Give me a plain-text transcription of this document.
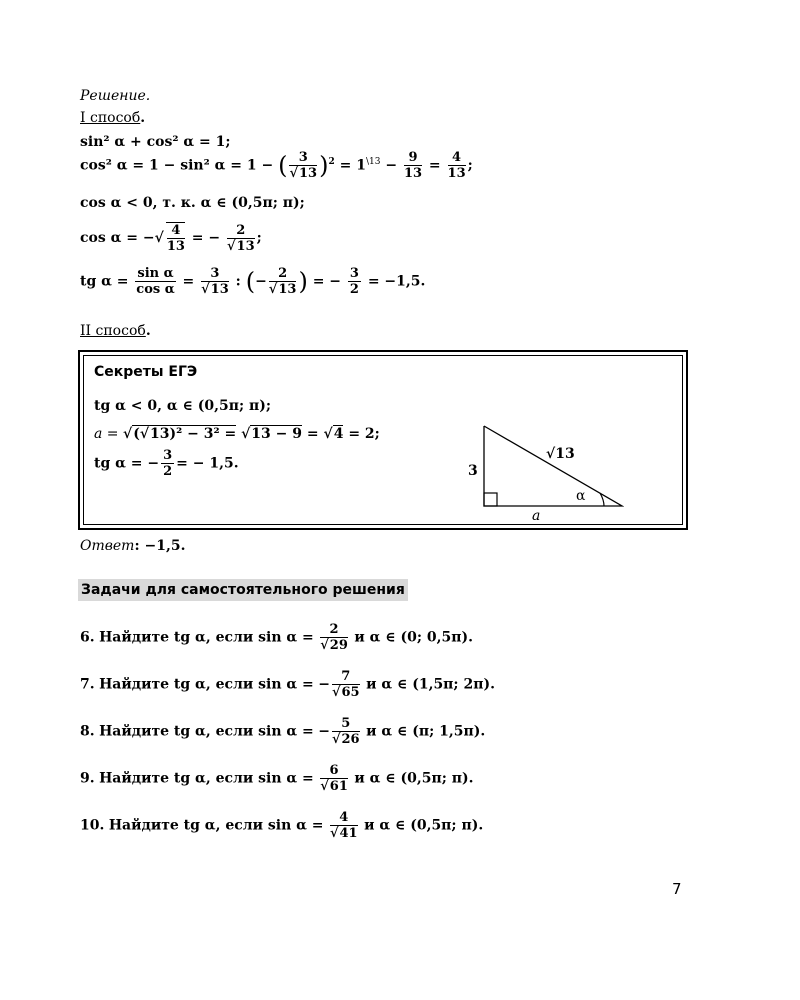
Решение.
I способ.
sin² α + cos² α = 1;
cos² α = 1 − sin² α = 1 − ( $\frac{3}{√13} )^2 = 1^{\backslash 13} - \frac{9}{13} = \frac{4}{13}$ ;
cos α < 0, т. к. α ∈ (0,5π; π);
cos α = −√ $\frac{4}{13}$ = − $\frac{2}{√13}$ ;
tg $\alpha = \frac{\text{sin α}}{\text{cos α}} = \frac{3}{√13}$ : (− $\frac{2}{√13}$ ) = − $\frac{3}{2} = -1,5$.
II способ.
Секреты ЕГЭ
tg α < 0, α ∈ (0,5π; π);
a = √(√13)² − 3² = √13 − 9 = √4 = 2;
tg α = − $\frac{3}{2}$ = − 1,5.
√13
3
a
α
Ответ: −1,5.
Задачи для самостоятельного решения
6. Найдите tg α, если $\sin \alpha = \frac{2}{√29}$ и α ∈ (0; 0,5π).
7. Найдите tg α, если sin α = − $\frac{7}{√65}$ и α ∈ (1,5π; 2π).
8. Найдите tg α, если sin α = − $\frac{5}{√26}$ и α ∈ (π; 1,5π).
9. Найдите tg α, если $\sin \alpha = \frac{6}{√61}$ и α ∈ (0,5π; π).
10. Найдите tg α, если $\sin \alpha = \frac{4}{√41}$ и α ∈ (0,5π; π).
7
